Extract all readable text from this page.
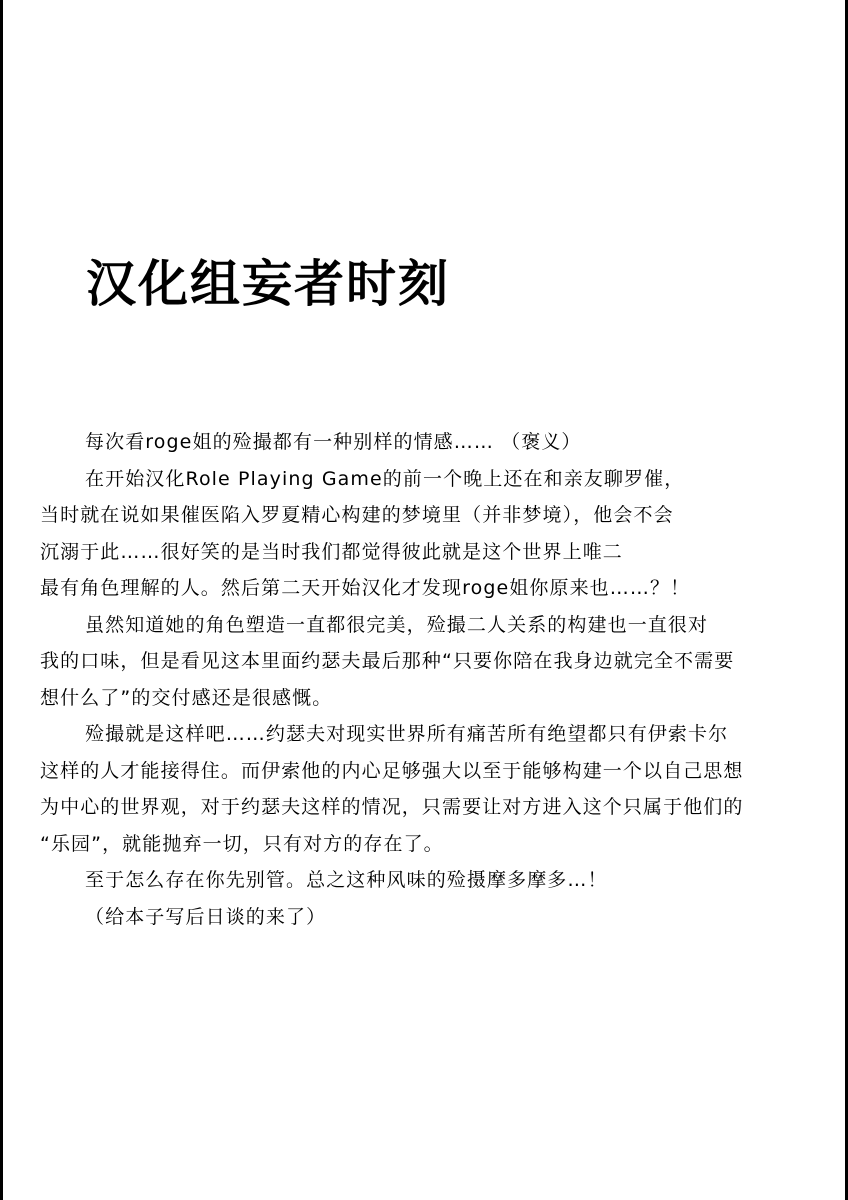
汉化组妄者时刻
每次看roge姐的殓撮都有一种别样的情感…… （褒义）
在开始汉化Role Playing Game的前一个晚上还在和亲友聊罗催，
当时就在说如果催医陷入罗夏精心构建的梦境里（并非梦境），他会不会
沉溺于此……很好笑的是当时我们都觉得彼此就是这个世界上唯二
最有角色理解的人。然后第二天开始汉化才发现roge姐你原来也……？！
虽然知道她的角色塑造一直都很完美，殓撮二人关系的构建也一直很对
我的口味，但是看见这本里面约瑟夫最后那种“只要你陪在我身边就完全不需要
想什么了”的交付感还是很感慨。
殓撮就是这样吧……约瑟夫对现实世界所有痛苦所有绝望都只有伊索卡尔
这样的人才能接得住。而伊索他的内心足够强大以至于能够构建一个以自己思想
为中心的世界观，对于约瑟夫这样的情况，只需要让对方进入这个只属于他们的
“乐园”，就能抛弃一切，只有对方的存在了。
至于怎么存在你先别管。总之这种风味的殓摄摩多摩多…！
（给本子写后日谈的来了）
